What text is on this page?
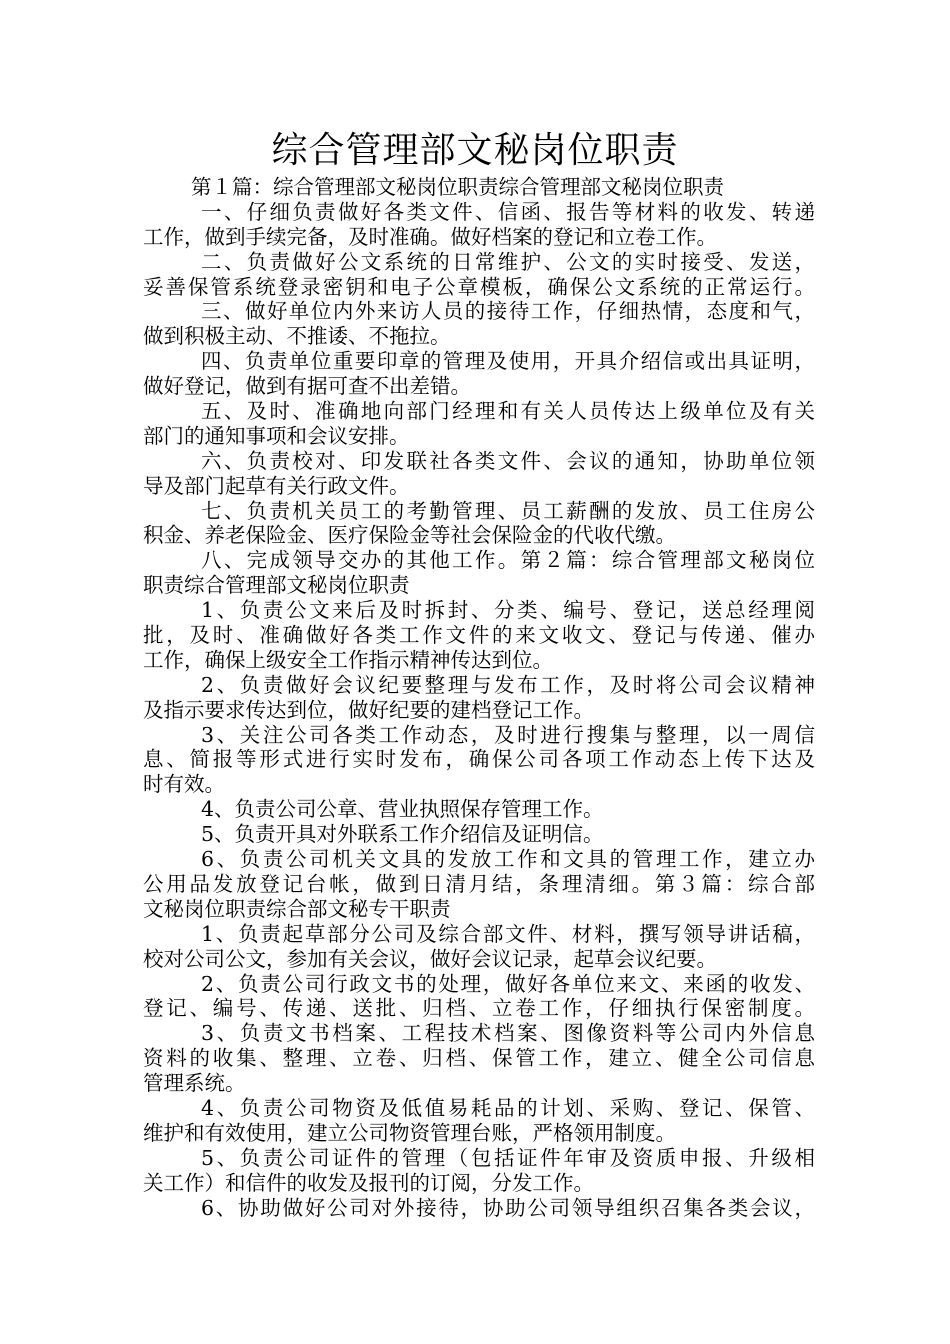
综合管理部文秘岗位职责
第１篇：综合管理部文秘岗位职责综合管理部文秘岗位职责
一、仔细负责做好各类文件、信函、报告等材料的收发、转递
工作，做到手续完备，及时准确。做好档案的登记和立卷工作。
二、负责做好公文系统的日常维护、公文的实时接受、发送，
妥善保管系统登录密钥和电子公章模板，确保公文系统的正常运行。
三、做好单位内外来访人员的接待工作，仔细热情，态度和气，
做到积极主动、不推诿、不拖拉。
四、负责单位重要印章的管理及使用，开具介绍信或出具证明，
做好登记，做到有据可查不出差错。
五、及时、准确地向部门经理和有关人员传达上级单位及有关
部门的通知事项和会议安排。
六、负责校对、印发联社各类文件、会议的通知，协助单位领
导及部门起草有关行政文件。
七、负责机关员工的考勤管理、员工薪酬的发放、员工住房公
积金、养老保险金、医疗保险金等社会保险金的代收代缴。
八、完成领导交办的其他工作。第２篇：综合管理部文秘岗位
职责综合管理部文秘岗位职责
1、负责公文来后及时拆封、分类、编号、登记，送总经理阅
批，及时、准确做好各类工作文件的来文收文、登记与传递、催办
工作，确保上级安全工作指示精神传达到位。
2、负责做好会议纪要整理与发布工作，及时将公司会议精神
及指示要求传达到位，做好纪要的建档登记工作。
3、关注公司各类工作动态，及时进行搜集与整理，以一周信
息、简报等形式进行实时发布，确保公司各项工作动态上传下达及
时有效。
4、负责公司公章、营业执照保存管理工作。
5、负责开具对外联系工作介绍信及证明信。
6、负责公司机关文具的发放工作和文具的管理工作，建立办
公用品发放登记台帐，做到日清月结，条理清细。第３篇：综合部
文秘岗位职责综合部文秘专干职责
1、负责起草部分公司及综合部文件、材料，撰写领导讲话稿，
校对公司公文，参加有关会议，做好会议记录，起草会议纪要。
2、负责公司行政文书的处理，做好各单位来文、来函的收发、
登记、编号、传递、送批、归档、立卷工作，仔细执行保密制度。
3、负责文书档案、工程技术档案、图像资料等公司内外信息
资料的收集、整理、立卷、归档、保管工作，建立、健全公司信息
管理系统。
4、负责公司物资及低值易耗品的计划、采购、登记、保管、
维护和有效使用，建立公司物资管理台账，严格领用制度。
5、负责公司证件的管理（包括证件年审及资质申报、升级相
关工作）和信件的收发及报刊的订阅，分发工作。
6、协助做好公司对外接待，协助公司领导组织召集各类会议，
